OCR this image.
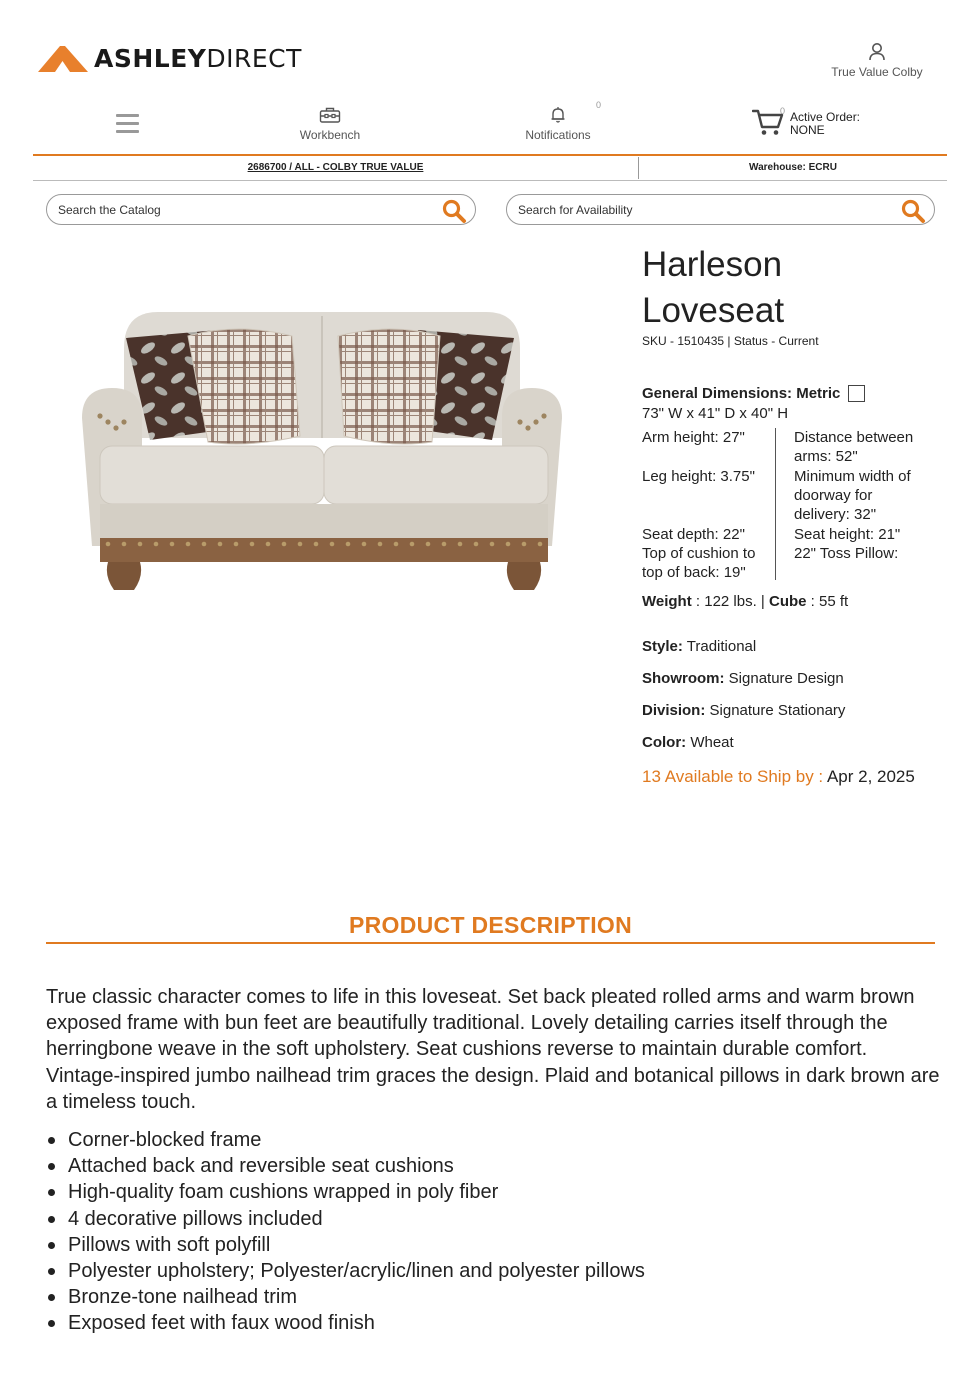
ASHLEYDIRECT	True Value Colby
Workbench	Notifications
0
0 Active Order:
NONE
2686700 / ALL - COLBY TRUE VALUE	Warehouse: ECRU
Search the Catalog
Search for Availability
Harleson
Loveseat
SKU - 1510435 | Status - Current
General Dimensions: Metric
73" W x 41" D x 40" H
Arm height: 27"
Leg height: 3.75"
Seat depth: 22"
Top of cushion to
top of back: 19"
Distance between
arms: 52"
Minimum width of
doorway for
delivery: 32"
Seat height: 21"
22" Toss Pillow:
Weight : 122 lbs. | Cube : 55 ft
Style: Traditional
Showroom: Signature Design
Division: Signature Stationary
Color: Wheat
13 Available to Ship by : Apr 2, 2025
PRODUCT DESCRIPTION

True classic character comes to life in this loveseat. Set back pleated rolled arms and warm brown exposed frame with bun feet are beautifully traditional. Lovely detailing carries itself through the herringbone weave in the soft upholstery. Seat cushions reverse to maintain durable comfort. Vintage-inspired jumbo nailhead trim graces the design. Plaid and botanical pillows in dark brown are a timeless touch.

Corner-blocked frame
Attached back and reversible seat cushions
High-quality foam cushions wrapped in poly fiber
4 decorative pillows included
Pillows with soft polyfill
Polyester upholstery; Polyester/acrylic/linen and polyester pillows
Bronze-tone nailhead trim
Exposed feet with faux wood finish
